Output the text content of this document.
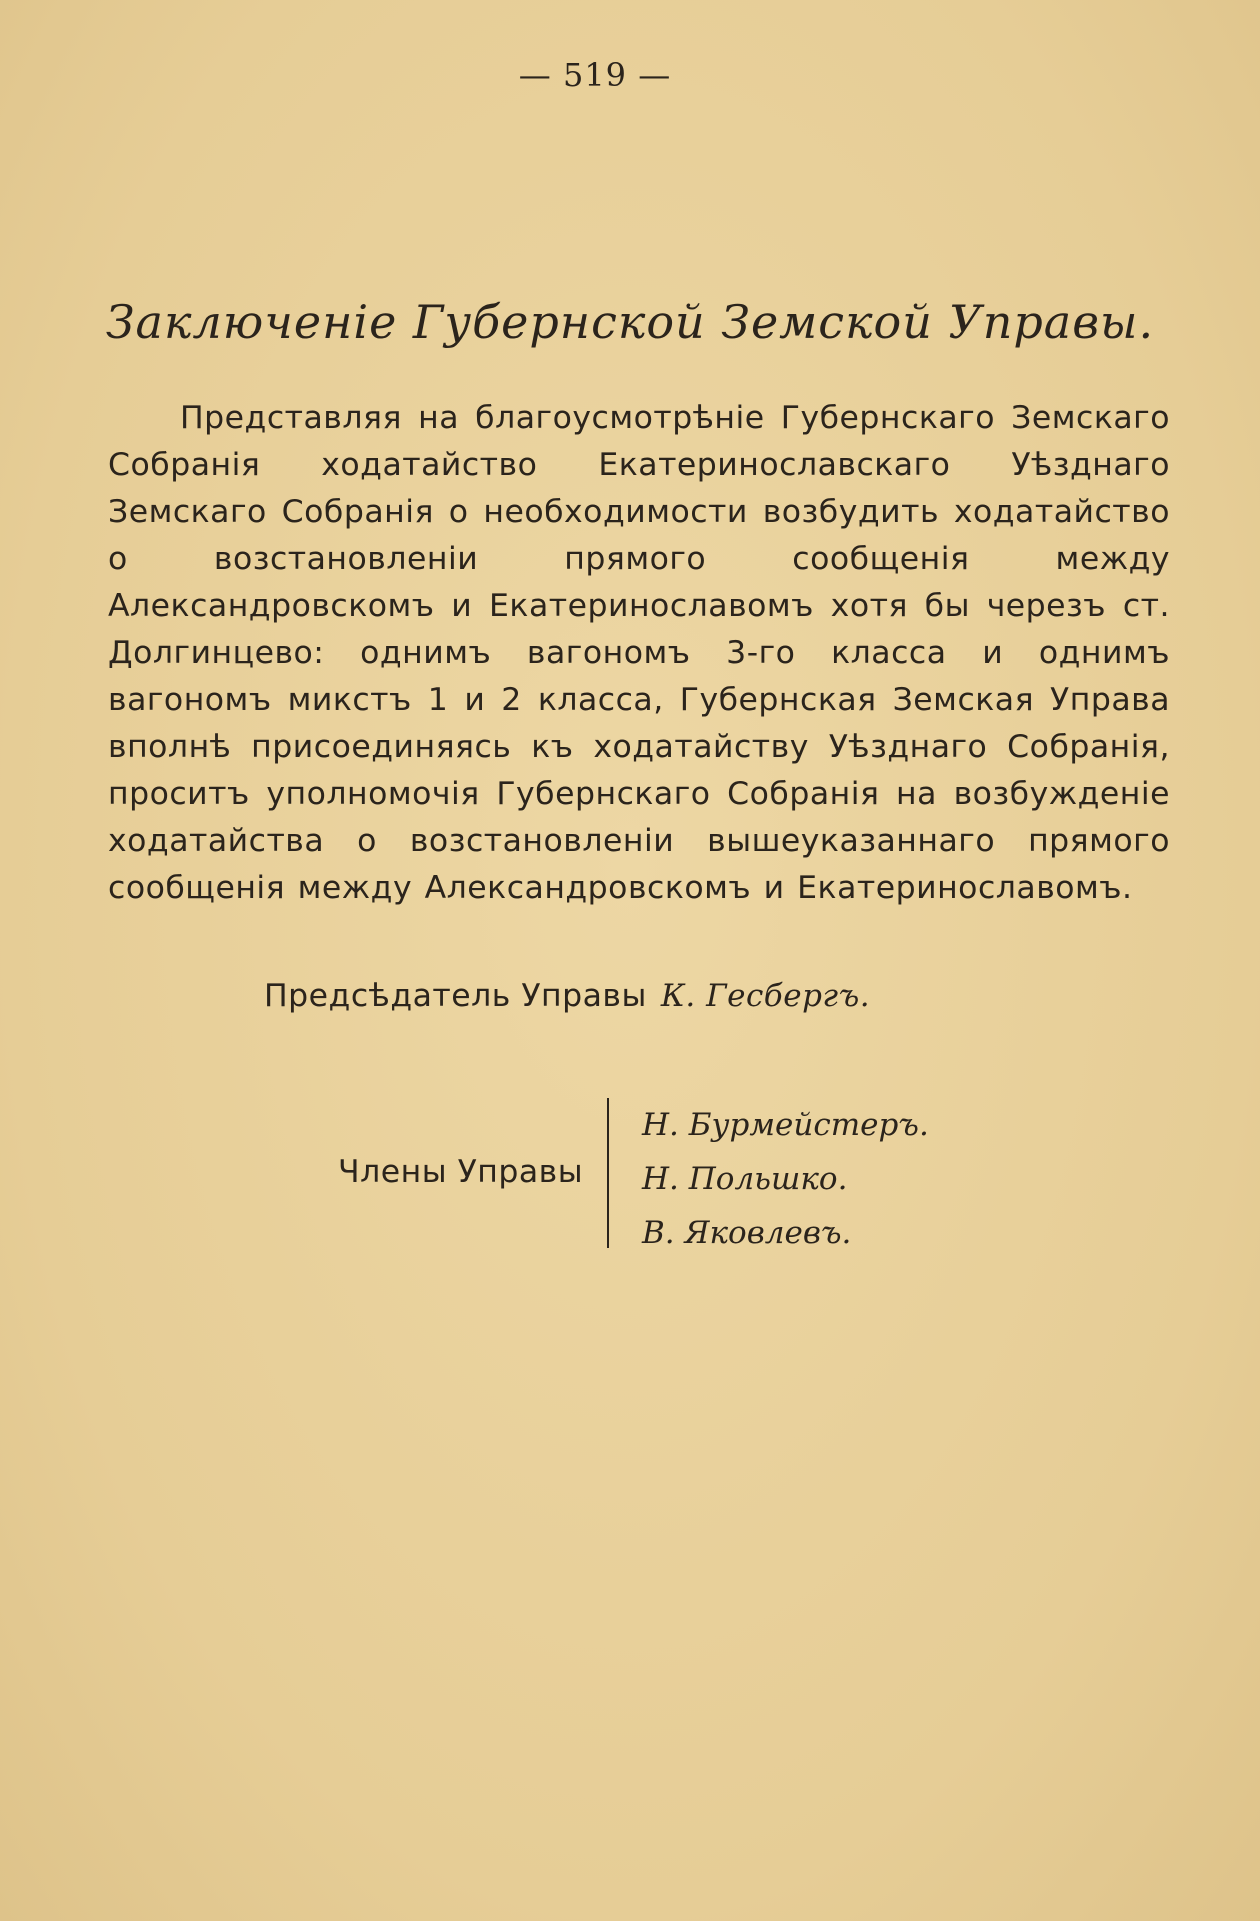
— 519 —
Заключеніе Губернской Земской Управы.

Представляя на благоусмотрѣніе Губернскаго Земскаго Собранія ходатайство Екатеринославскаго Уѣзднаго Земскаго Собранія о необходимости возбудить ходатайство о возстановленіи прямого сообщенія между Александровскомъ и Екатеринославомъ хотя бы черезъ ст. Долгинцево: однимъ вагономъ 3-го класса и однимъ вагономъ микстъ 1 и 2 класса, Губернская Земская Управа вполнѣ присоединяясь къ ходатайству Уѣзднаго Собранія, проситъ уполномочія Губернскаго Собранія на возбужденіе ходатайства о возстановленіи вышеуказаннаго прямого сообщенія между Александровскомъ и Екатеринославомъ.

Предсѣдатель Управы К. Гесбергъ.
Члены Управы
Н. Бурмейстеръ.
Н. Польшко.
В. Яковлевъ.
